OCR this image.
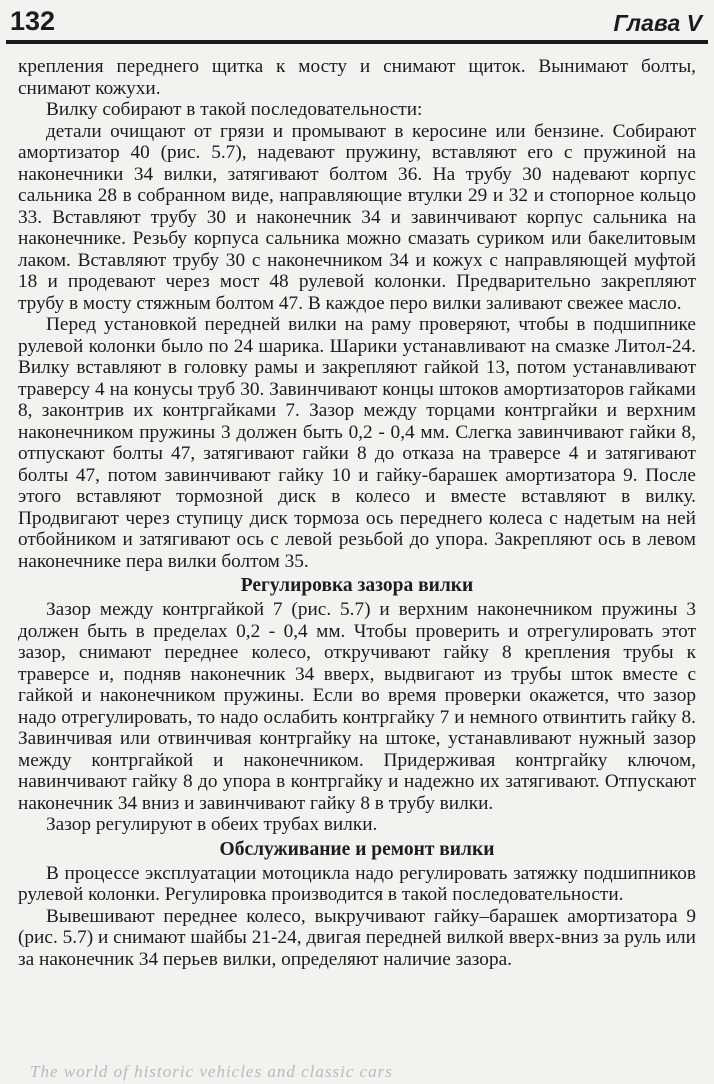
132	Глава V

крепления переднего щитка к мосту и снимают щиток. Вынимают болты, снимают кожухи.

Вилку собирают в такой последовательности:

детали очищают от грязи и промывают в керосине или бензине. Собирают амортизатор 40 (рис. 5.7), надевают пружину, вставляют его с пружиной на наконечники 34 вилки, затягивают болтом 36. На трубу 30 надевают корпус сальника 28 в собранном виде, направляющие втулки 29 и 32 и стопорное кольцо 33. Вставляют трубу 30 и наконечник 34 и завинчивают корпус сальника на наконечнике. Резьбу корпуса сальника можно смазать суриком или бакелитовым лаком. Вставляют трубу 30 с наконечником 34 и кожух с направляющей муфтой 18 и продевают через мост 48 рулевой колонки. Предварительно закрепляют трубу в мосту стяжным болтом 47. В каждое перо вилки заливают свежее масло.

Перед установкой передней вилки на раму проверяют, чтобы в подшипнике рулевой колонки было по 24 шарика. Шарики устанавливают на смазке Литол-24. Вилку вставляют в головку рамы и закрепляют гайкой 13, потом устанавливают траверсу 4 на конусы труб 30. Завинчивают концы штоков амортизаторов гайками 8, законтрив их контргайками 7. Зазор между торцами контргайки и верхним наконечником пружины 3 должен быть 0,2 - 0,4 мм. Слегка завинчивают гайки 8, отпускают болты 47, затягивают гайки 8 до отказа на траверсе 4 и затягивают болты 47, потом завинчивают гайку 10 и гайку-барашек амортизатора 9. После этого вставляют тормозной диск в колесо и вместе вставляют в вилку. Продвигают через ступицу диск тормоза ось переднего колеса с надетым на ней отбойником и затягивают ось с левой резьбой до упора. Закрепляют ось в левом наконечнике пера вилки болтом 35.

Регулировка зазора вилки

Зазор между контргайкой 7 (рис. 5.7) и верхним наконечником пружины 3 должен быть в пределах 0,2 - 0,4 мм. Чтобы проверить и отрегулировать этот зазор, снимают переднее колесо, откручивают гайку 8 крепления трубы к траверсе и, подняв наконечник 34 вверх, выдвигают из трубы шток вместе с гайкой и наконечником пружины. Если во время проверки окажется, что зазор надо отрегулировать, то надо ослабить контргайку 7 и немного отвинтить гайку 8. Завинчивая или отвинчивая контргайку на штоке, устанавливают нужный зазор между контргайкой и наконечником. Придерживая контргайку ключом, навинчивают гайку 8 до упора в контргайку и надежно их затягивают. Отпускают наконечник 34 вниз и завинчивают гайку 8 в трубу вилки.

Зазор регулируют в обеих трубах вилки.

Обслуживание и ремонт вилки

В процессе эксплуатации мотоцикла надо регулировать затяжку подшипников рулевой колонки. Регулировка производится в такой последовательности.

Вывешивают переднее колесо, выкручивают гайку–барашек амортизатора 9 (рис. 5.7) и снимают шайбы 21-24, двигая передней вилкой вверх-вниз за руль или за наконечник 34 перьев вилки, определяют наличие зазора.

The world of historic vehicles and classic cars
